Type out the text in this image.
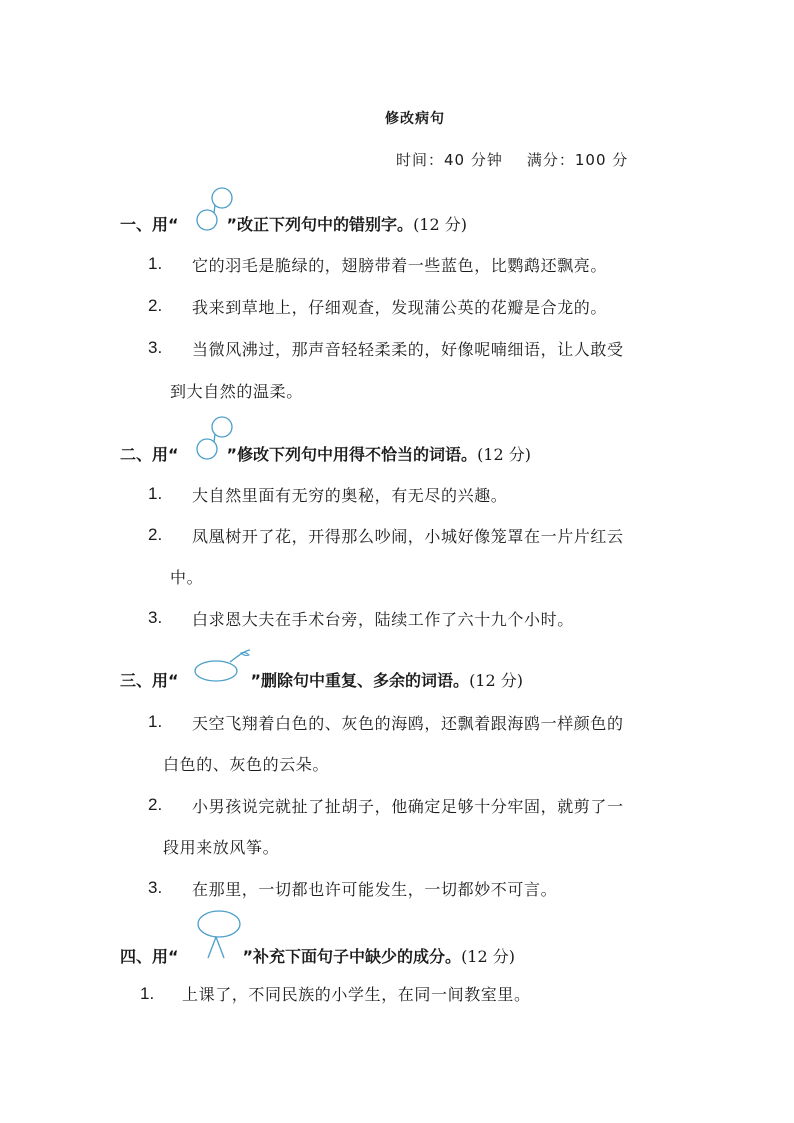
修改病句
时间：40 分钟 满分：100 分
一、用“	”改正下列句中的错别字。(12 分)
1. 它的羽毛是脆绿的，翅膀带着一些蓝色，比鹦鹉还飘亮。
2. 我来到草地上，仔细观查，发现蒲公英的花瓣是合龙的。
3. 当微风沸过，那声音轻轻柔柔的，好像呢喃细语，让人敢受
到大自然的温柔。
二、用“	”修改下列句中用得不恰当的词语。(12 分)
1. 大自然里面有无穷的奥秘，有无尽的兴趣。
2. 凤凰树开了花，开得那么吵闹，小城好像笼罩在一片片红云
中。
3. 白求恩大夫在手术台旁，陆续工作了六十九个小时。
三、用“	”删除句中重复、多余的词语。(12 分)
1. 天空飞翔着白色的、灰色的海鸥，还飘着跟海鸥一样颜色的
白色的、灰色的云朵。
2. 小男孩说完就扯了扯胡子，他确定足够十分牢固，就剪了一
段用来放风筝。
3. 在那里，一切都也许可能发生，一切都妙不可言。
四、用“	”补充下面句子中缺少的成分。(12 分)
1. 上课了，不同民族的小学生，在同一间教室里。
